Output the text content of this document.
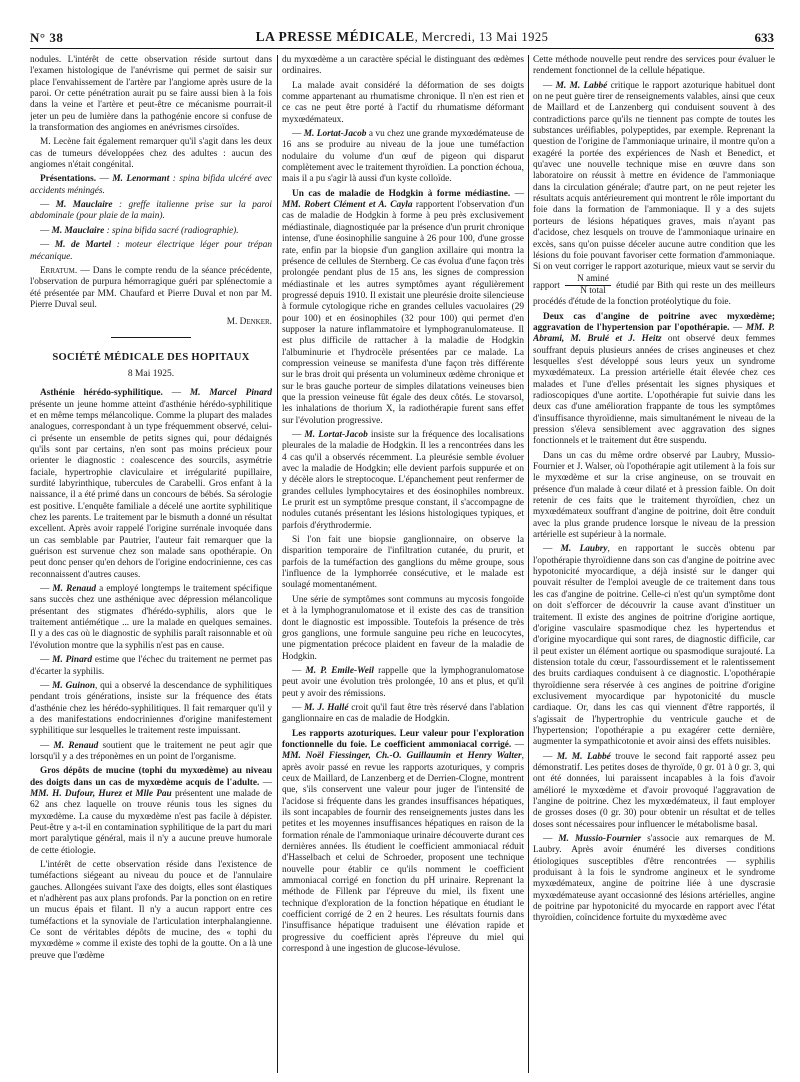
N° 38	LA PRESSE MÉDICALE, Mercredi, 13 Mai 1925	633

nodules. L'intérêt de cette observation réside surtout dans l'examen histologique de l'anévrisme qui permet de saisir sur place l'envahissement de l'artère par l'angiome après usure de la paroi. Or cette pénétration aurait pu se faire aussi bien à la fois dans la veine et l'artère et peut-être ce mécanisme pourrait-il jeter un peu de lumière dans la pathogénie encore si confuse de la transformation des angiomes en anévrismes cirsoïdes.

M. Lecène fait également remarquer qu'il s'agit dans les deux cas de tumeurs développées chez des adultes : aucun des angiomes n'était congénital.

Présentations. — M. Lenormant : spina bifida ulcéré avec accidents méningés.

— M. Mauclaire : greffe italienne prise sur la paroi abdominale (pour plaie de la main).

— M. Mauclaire : spina bifida sacré (radiographie).

— M. de Martel : moteur électrique léger pour trépan mécanique.

Erratum. — Dans le compte rendu de la séance précédente, l'observation de purpura hémorragique guéri par splénectomie a été présentée par MM. Chaufard et Pierre Duval et non par M. Pierre Duval seul.

M. Denker.
SOCIÉTÉ MÉDICALE DES HOPITAUX
8 Mai 1925.

Asthénie hérédo-syphilitique. — M. Marcel Pinard présente un jeune homme atteint d'asthénie hérédo-syphilitique et en même temps mélancolique. Comme la plupart des malades analogues, correspondant à un type fréquemment observé, celui-ci présente un ensemble de petits signes qui, pour dédaignés qu'ils sont par certains, n'en sont pas moins précieux pour orienter le diagnostic : coalescence des sourcils, asymétrie faciale, hypertrophie claviculaire et irrégularité pupillaire, surdité labyrinthique, tubercules de Carabelli. Gros enfant à la naissance, il a été primé dans un concours de bébés. Sa sérologie est positive. L'enquête familiale a décelé une aortite syphilitique chez les parents. Le traitement par le bismuth a donné un résultat excellent. Après avoir rappelé l'origine surrénale invoquée dans un cas semblable par Pautrier, l'auteur fait remarquer que la guérison est survenue chez son malade sans opothérapie. On peut donc penser qu'en dehors de l'origine endocrinienne, ces cas reconnaissent d'autres causes.

— M. Renaud a employé longtemps le traitement spécifique sans succès chez une asthénique avec dépression mélancolique présentant des stigmates d'hérédo-syphilis, alors que le traitement antiémétique ... ure la malade en quelques semaines. Il y a des cas où le diagnostic de syphilis paraît raisonnable et où l'évolution montre que la syphilis n'est pas en cause.

— M. Pinard estime que l'échec du traitement ne permet pas d'écarter la syphilis.

— M. Guinon, qui a observé la descendance de syphilitiques pendant trois générations, insiste sur la fréquence des états d'asthénie chez les hérédo-syphilitiques. Il fait remarquer qu'il y a des manifestations endocriniennes d'origine manifestement syphilitique sur lesquelles le traitement reste impuissant.

— M. Renaud soutient que le traitement ne peut agir que lorsqu'il y a des tréponèmes en un point de l'organisme.

Gros dépôts de mucine (tophi du myxœdème) au niveau des doigts dans un cas de myxœdème acquis de l'adulte. — MM. H. Dufour, Hurez et Mlle Pau présentent une malade de 62 ans chez laquelle on trouve réunis tous les signes du myxœdème. La cause du myxœdème n'est pas facile à dépister. Peut-être y a-t-il en contamination syphilitique de la part du mari mort paralytique général, mais il n'y a aucune preuve humorale de cette étiologie.

L'intérêt de cette observation réside dans l'existence de tuméfactions siégeant au niveau du pouce et de l'annulaire gauches. Allongées suivant l'axe des doigts, elles sont élastiques et n'adhèrent pas aux plans profonds. Par la ponction on en retire un mucus épais et filant. Il n'y a aucun rapport entre ces tuméfactions et la synoviale de l'articulation interphalangienne. Ce sont de véritables dépôts de mucine, des « tophi du myxœdème » comme il existe des tophi de la goutte. On a là une preuve que l'œdème

du myxœdème a un caractère spécial le distinguant des œdèmes ordinaires.

La malade avait considéré la déformation de ses doigts comme appartenant au rhumatisme chronique. Il n'en est rien et ce cas ne peut être porté à l'actif du rhumatisme déformant myxœdémateux.

— M. Lortat-Jacob a vu chez une grande myxœdémateuse de 16 ans se produire au niveau de la joue une tuméfaction nodulaire du volume d'un œuf de pigeon qui disparut complètement avec le traitement thyroïdien. La ponction échoua, mais il a pu s'agir là aussi d'un kyste colloïde.

Un cas de maladie de Hodgkin à forme médiastine. — MM. Robert Clément et A. Cayla rapportent l'observation d'un cas de maladie de Hodgkin à forme à peu près exclusivement médiastinale, diagnostiquée par la présence d'un prurit chronique intense, d'une éosinophilie sanguine à 26 pour 100, d'une grosse rate, enfin par la biopsie d'un ganglion axillaire qui montra la présence de cellules de Sternberg. Ce cas évolua d'une façon très prolongée pendant plus de 15 ans, les signes de compression médiastinale et les autres symptômes ayant régulièrement progressé depuis 1910. Il existait une pleurésie droite silencieuse à formule cytologique riche en grandes cellules vacuolaires (29 pour 100) et en éosinophiles (32 pour 100) qui permet d'en supposer la nature inflammatoire et lymphogranulomateuse. Il est plus difficile de rattacher à la maladie de Hodgkin l'albuminurie et l'hydrocèle présentées par ce malade. La compression veineuse se manifesta d'une façon très différente sur le bras droit qui présenta un volumineux œdème chronique et sur le bras gauche porteur de simples dilatations veineuses bien que la pression veineuse fût égale des deux côtés. Le stovarsol, les inhalations de thorium X, la radiothérapie furent sans effet sur l'évolution progressive.

— M. Lortat-Jacob insiste sur la fréquence des localisations pleurales de la maladie de Hodgkin. Il les a rencontrées dans les 4 cas qu'il a observés récemment. La pleurésie semble évoluer avec la maladie de Hodgkin; elle devient parfois suppurée et on y décèle alors le streptocoque. L'épanchement peut renfermer de grandes cellules lymphocytaires et des éosinophiles nombreux. Le prurit est un symptôme presque constant, il s'accompagne de nodules cutanés présentant les lésions histologiques typiques, et parfois d'érythrodermie.

Si l'on fait une biopsie ganglionnaire, on observe la disparition temporaire de l'infiltration cutanée, du prurit, et parfois de la tuméfaction des ganglions du même groupe, sous l'influence de la lymphorrée consécutive, et le malade est soulagé momentanément.

Une série de symptômes sont communs au mycosis fongoïde et à la lymphogranulomatose et il existe des cas de transition dont le diagnostic est impossible. Toutefois la présence de très gros ganglions, une formule sanguine peu riche en leucocytes, une pigmentation précoce plaident en faveur de la maladie de Hodgkin.

— M. P. Emile-Weil rappelle que la lymphogranulomatose peut avoir une évolution très prolongée, 10 ans et plus, et qu'il peut y avoir des rémissions.

— M. J. Hallé croit qu'il faut être très réservé dans l'ablation ganglionnaire en cas de maladie de Hodgkin.

Les rapports azoturiques. Leur valeur pour l'exploration fonctionnelle du foie. Le coefficient ammoniacal corrigé. — MM. Noël Fiessinger, Ch.-O. Guillaumin et Henry Walter, après avoir passé en revue les rapports azoturiques, y compris ceux de Maillard, de Lanzenberg et de Derrien-Clogne, montrent que, s'ils conservent une valeur pour juger de l'intensité de l'acidose si fréquente dans les grandes insuffisances hépatiques, ils sont incapables de fournir des renseignements justes dans les petites et les moyennes insuffisances hépatiques en raison de la formation rénale de l'ammoniaque urinaire découverte durant ces dernières années. Ils étudient le coefficient ammoniacal réduit d'Hasselbach et celui de Schroeder, proposent une technique nouvelle pour établir ce qu'ils nomment le coefficient ammoniacal corrigé en fonction du pH urinaire. Reprenant la méthode de Fillenk par l'épreuve du miel, ils fixent une technique d'exploration de la fonction hépatique en étudiant le coefficient corrigé de 2 en 2 heures. Les résultats fournis dans l'insuffisance hépatique traduisent une élévation rapide et progressive du coefficient après l'épreuve du miel qui correspond à une ingestion de glucose-lévulose.

Cette méthode nouvelle peut rendre des services pour évaluer le rendement fonctionnel de la cellule hépatique.

— M. M. Labbé critique le rapport azoturique habituel dont on ne peut guère tirer de renseignements valables, ainsi que ceux de Maillard et de Lanzenberg qui conduisent souvent à des contradictions parce qu'ils ne tiennent pas compte de toutes les substances uréifiables, polypeptides, par exemple. Reprenant la question de l'origine de l'ammoniaque urinaire, il montre qu'on a exagéré la portée des expériences de Nash et Benedict, et qu'avec une nouvelle technique mise en œuvre dans son laboratoire on réussit à mettre en évidence de l'ammoniaque dans la circulation générale; d'autre part, on ne peut rejeter les résultats acquis antérieurement qui montrent le rôle important du foie dans la formation de l'ammoniaque. Il y a des sujets porteurs de lésions hépatiques graves, mais n'ayant pas d'acidose, chez lesquels on trouve de l'ammoniaque urinaire en excès, sans qu'on puisse déceler aucune autre condition que les lésions du foie pouvant favoriser cette formation d'ammoniaque. Si on veut corriger le rapport azoturique, mieux vaut se servir du rapport
N aminé
N total
étudié par Bith qui reste un des meilleurs procédés d'étude de la fonction protéolytique du foie.

Deux cas d'angine de poitrine avec myxœdème; aggravation de l'hypertension par l'opothérapie. — MM. P. Abrami, M. Brulé et J. Heitz ont observé deux femmes souffrant depuis plusieurs années de crises angineuses et chez lesquelles s'est développé sous leurs yeux un syndrome myxœdémateux. La pression artérielle était élevée chez ces malades et l'une d'elles présentait les signes physiques et radioscopiques d'une aortite. L'opothérapie fut suivie dans les deux cas d'une amélioration frappante de tous les symptômes d'insuffisance thyroïdienne, mais simultanément le niveau de la pression s'éleva sensiblement avec aggravation des signes fonctionnels et le traitement dut être suspendu.

Dans un cas du même ordre observé par Laubry, Mussio-Fournier et J. Walser, où l'opothérapie agit utilement à la fois sur le myxœdème et sur la crise angineuse, on se trouvait en présence d'un malade à cœur dilaté et à pression faible. On doit retenir de ces faits que le traitement thyroïdien, chez un myxœdémateux souffrant d'angine de poitrine, doit être conduit avec la plus grande prudence lorsque le niveau de la pression artérielle est supérieur à la normale.

— M. Laubry, en rapportant le succès obtenu par l'opothérapie thyroïdienne dans son cas d'angine de poitrine avec hypotonicité myocardique, a déjà insisté sur le danger qui pouvait résulter de l'emploi aveugle de ce traitement dans tous les cas d'angine de poitrine. Celle-ci n'est qu'un symptôme dont on doit s'efforcer de découvrir la cause avant d'instituer un traitement. Il existe des angines de poitrine d'origine aortique, d'origine vasculaire spasmodique chez les hypertendus et d'origine myocardique qui sont rares, de diagnostic difficile, car il peut exister un élément aortique ou spasmodique surajouté. La distension totale du cœur, l'assourdissement et le ralentissement des bruits cardiaques conduisent à ce diagnostic. L'opothérapie thyroïdienne sera réservée à ces angines de poitrine d'origine exclusivement myocardique par hypotonicité du muscle cardiaque. Or, dans les cas qui viennent d'être rapportés, il s'agissait de l'hypertrophie du ventricule gauche et de l'hypertension; l'opothérapie a pu exagérer cette dernière, augmenter la sympathicotonie et avoir ainsi des effets nuisibles.

— M. M. Labbé trouve le second fait rapporté assez peu démonstratif. Les petites doses de thyroïde, 0 gr. 01 à 0 gr. 3, qui ont été données, lui paraissent incapables à la fois d'avoir amélioré le myxœdème et d'avoir provoqué l'aggravation de l'angine de poitrine. Chez les myxœdémateux, il faut employer de grosses doses (0 gr. 30) pour obtenir un résultat et de telles doses sont nécessaires pour influencer le métabolisme basal.

— M. Mussio-Fournier s'associe aux remarques de M. Laubry. Après avoir énuméré les diverses conditions étiologiques susceptibles d'être rencontrées — syphilis produisant à la fois le syndrome angineux et le syndrome myxœdémateux, angine de poitrine liée à une dyscrasie myxœdémateuse ayant occasionné des lésions artérielles, angine de poitrine par hypotonicité du myocarde en rapport avec l'état thyroïdien, coïncidence fortuite du myxœdème avec
